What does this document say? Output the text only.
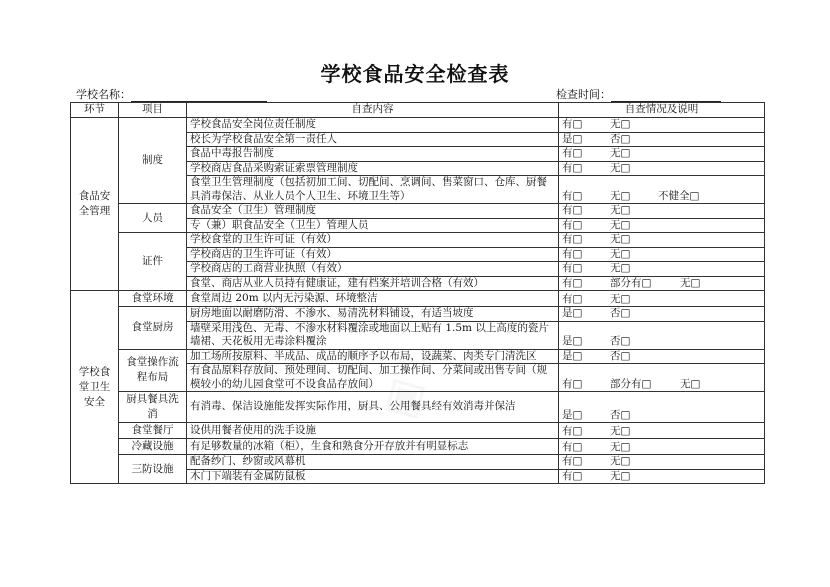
学校食品安全检查表
学校名称：	检查时间：
环节	项目	自查内容	自查情况及说明
食品安全管理	制度	学校食品安全岗位责任制度	有□ 无□
		校长为学校食品安全第一责任人	是□ 否□
		食品中毒报告制度	有□ 无□
		学校商店食品采购索证索票管理制度	有□ 无□
		食堂卫生管理制度（包括初加工间、切配间、烹调间、售菜窗口、仓库、厨餐具消毒保洁、从业人员个人卫生、环境卫生等）	有□ 无□ 不健全□
	人员	食品安全（卫生）管理制度	有□ 无□
		专（兼）职食品安全（卫生）管理人员	有□ 无□
	证件	学校食堂的卫生许可证（有效）	有□ 无□
		学校商店的卫生许可证（有效）	有□ 无□
		学校商店的工商营业执照（有效）	有□ 无□
		食堂、商店从业人员持有健康证，建有档案并培训合格（有效）	有□ 部分有□ 无□
学校食堂卫生安全	食堂环境	食堂周边 20m 以内无污染源、环境整洁	有□ 无□
	食堂厨房	厨房地面以耐磨防滑、不渗水、易清洗材料铺设，有适当坡度	是□ 否□
		墙壁采用浅色、无毒、不渗水材料覆涂或地面以上贴有 1.5m 以上高度的瓷片墙裙、天花板用无毒涂料覆涂	是□ 否□
	食堂操作流程布局	加工场所按原料、半成品、成品的顺序予以布局，设蔬菜、肉类专门清洗区	是□ 否□
		有食品原料存放间、预处理间、切配间、加工操作间、分菜间或出售专间（规模较小的幼儿园食堂可不设食品存放间）	有□ 部分有□ 无□
	厨具餐具洗消	有消毒、保洁设施能发挥实际作用，厨具、公用餐具经有效消毒并保洁	是□ 否□
	食堂餐厅	设供用餐者使用的洗手设施	有□ 无□
	冷藏设施	有足够数量的冰箱（柜），生食和熟食分开存放并有明显标志	有□ 无□
	三防设施	配备纱门、纱窗或风幕机	有□ 无□
		木门下端装有金属防鼠板	有□ 无□
